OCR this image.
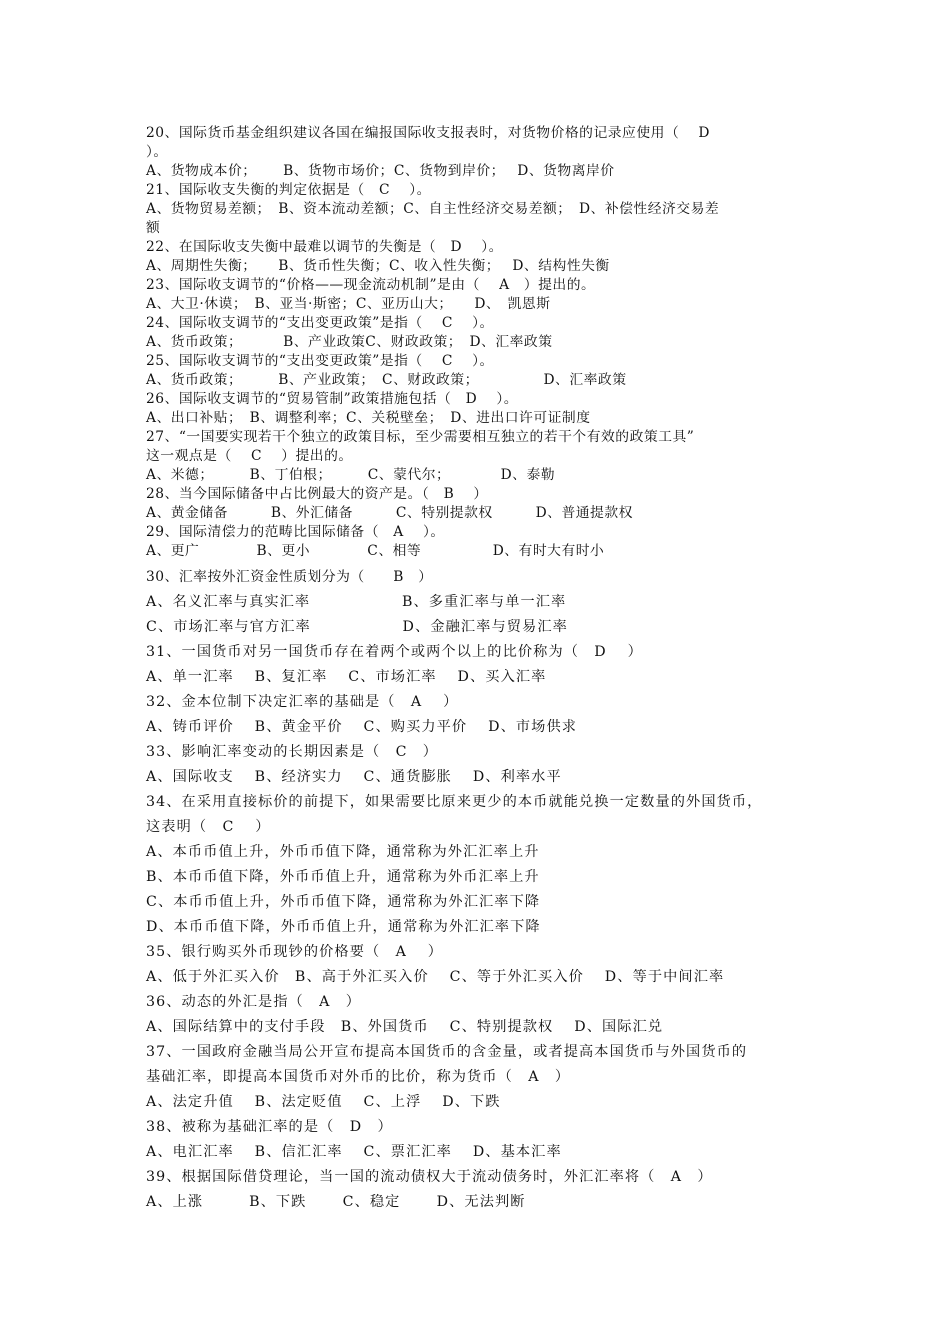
20、国际货币基金组织建议各国在编报国际收支报表时，对货物价格的记录应使用（　 D
）。
A、货物成本价；　　 B、货物市场价；C、货物到岸价；　 D、货物离岸价
21、国际收支失衡的判定依据是（　C　 ）。
A、货物贸易差额；　B、资本流动差额；C、自主性经济交易差额；　D、补偿性经济交易差
额
22、在国际收支失衡中最难以调节的失衡是（　D　 ）。
A、周期性失衡；　　B、货币性失衡；C、收入性失衡；　 D、结构性失衡
23、国际收支调节的“价格——现金流动机制”是由（　 A　）提出的。
A、大卫·休谟；　B、亚当·斯密；C、亚历山大；　　D、　凯恩斯
24、国际收支调节的“支出变更政策”是指（　 C　 ）。
A、货币政策；　　　 B、产业政策C、财政政策；　D、汇率政策
25、国际收支调节的“支出变更政策”是指（　 C　 ）。
A、货币政策；　　　B、产业政策；　C、财政政策；　　　　　D、汇率政策
26、国际收支调节的“贸易管制”政策措施包括（　D　 ）。
A、出口补贴；　B、调整利率；C、关税壁垒；　D、进出口许可证制度
27、“一国要实现若干个独立的政策目标，至少需要相互独立的若干个有效的政策工具”
这一观点是（　 C　 ）提出的。
A、米德；　　　B、丁伯根；　　　C、蒙代尔；　　　　D、泰勒
28、当今国际储备中占比例最大的资产是。（　B　 ）
A、黄金储备　　　B、外汇储备　　　C、特别提款权　　　D、普通提款权
29、国际清偿力的范畴比国际储备（　A　 ）。
A、更广　　　　B、更小　　　　C、相等　　　　　D、有时大有时小
30、汇率按外汇资金性质划分为（　　B　）
A、名义汇率与真实汇率　　　　　　B、多重汇率与单一汇率
C、市场汇率与官方汇率　　　　　　D、金融汇率与贸易汇率
31、一国货币对另一国货币存在着两个或两个以上的比价称为（　D　 ）
A、单一汇率　 B、复汇率　 C、市场汇率　 D、买入汇率
32、金本位制下决定汇率的基础是（　A　 ）
A、铸币评价　 B、黄金平价　 C、购买力平价　 D、市场供求
33、影响汇率变动的长期因素是（　C　）
A、国际收支　 B、经济实力　 C、通货膨胀　 D、利率水平
34、在采用直接标价的前提下，如果需要比原来更少的本币就能兑换一定数量的外国货币，
这表明（　C　 ）
A、本币币值上升，外币币值下降，通常称为外汇汇率上升
B、本币币值下降，外币币值上升，通常称为外币汇率上升
C、本币币值上升，外币币值下降，通常称为外汇汇率下降
D、本币币值下降，外币币值上升，通常称为外汇汇率下降
35、银行购买外币现钞的价格要（　A　 ）
A、低于外汇买入价　B、高于外汇买入价　 C、等于外汇买入价　 D、等于中间汇率
36、动态的外汇是指（　A　）
A、国际结算中的支付手段　B、外国货币　 C、特别提款权　 D、国际汇兑
37、一国政府金融当局公开宣布提高本国货币的含金量，或者提高本国货币与外国货币的
基础汇率，即提高本国货币对外币的比价，称为货币（　A　）
A、法定升值　 B、法定贬值　 C、上浮　 D、下跌
38、被称为基础汇率的是（　D　）
A、电汇汇率　 B、信汇汇率　 C、票汇汇率　 D、基本汇率
39、根据国际借贷理论，当一国的流动债权大于流动债务时，外汇汇率将（　A　）
A、上涨　　　B、下跌　　 C、稳定　　 D、无法判断
